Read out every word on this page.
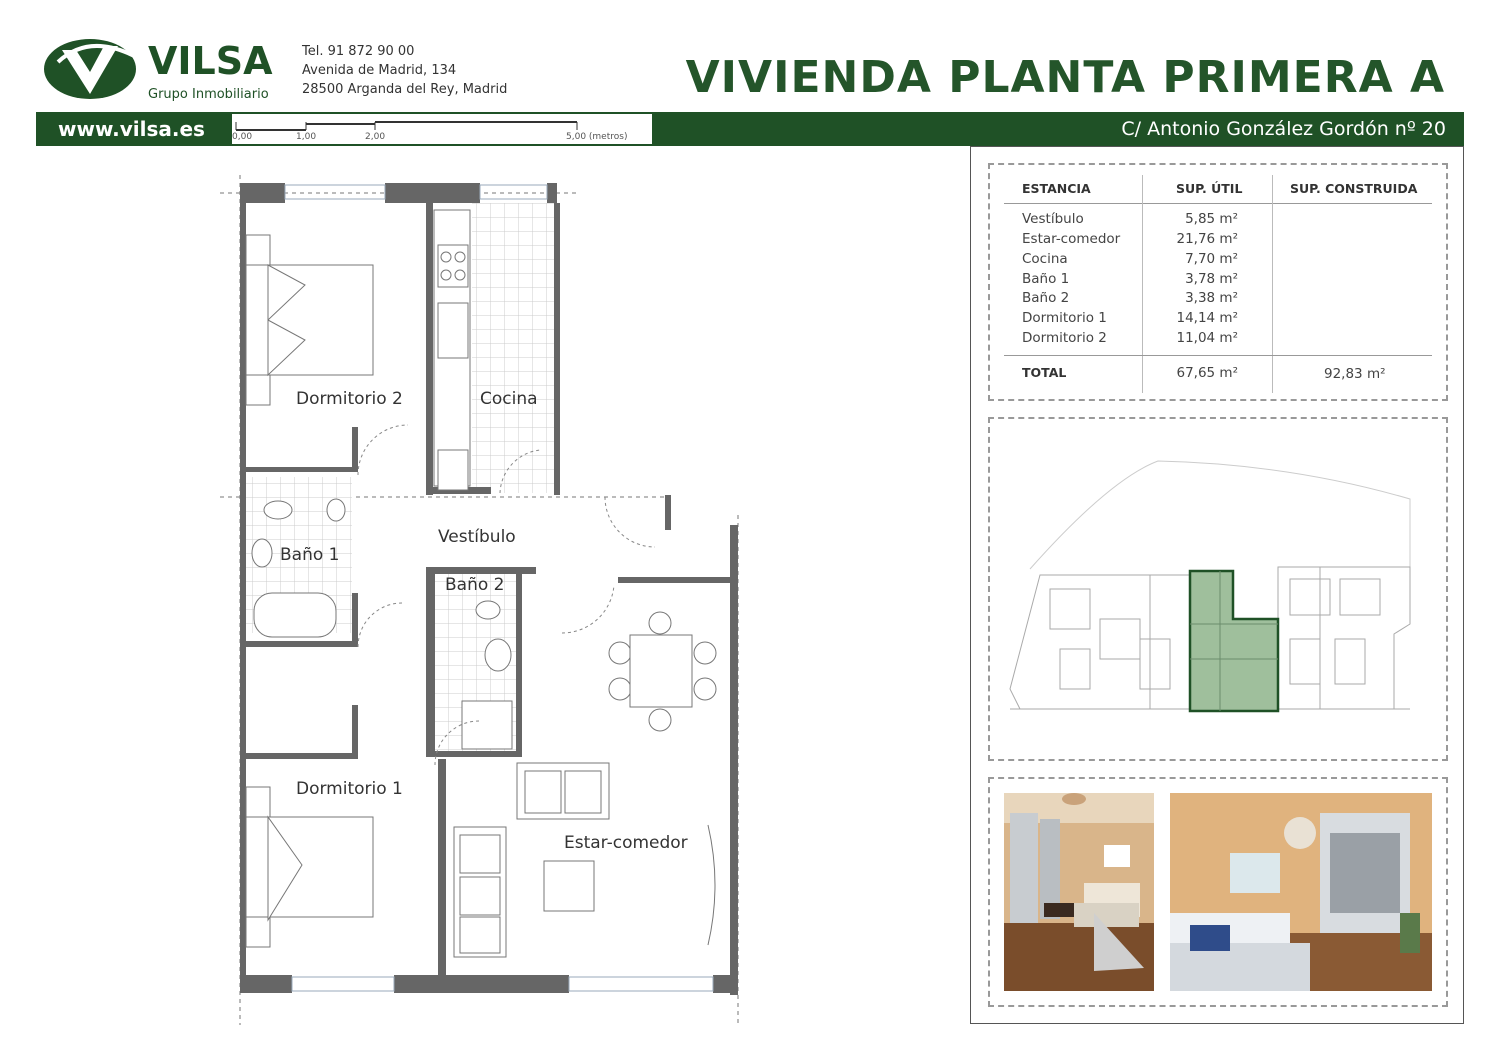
VILSA
Grupo Inmobiliario
Tel. 91 872 90 00
Avenida de Madrid, 134
28500 Arganda del Rey, Madrid	VIVIENDA PLANTA PRIMERA A
www.vilsa.es	0,00	1,00	2,00	5,00 (metros)	C/ Antonio González Gordón nº 20
Dormitorio 2	Cocina
Vestíbulo
Baño 1
Baño 2
Dormitorio 1
Estar-comedor
ESTANCIA	SUP. ÚTIL	SUP. CONSTRUIDA
Vestíbulo	5,85 m²
Estar-comedor	21,76 m²
Cocina	7,70 m²
Baño 1	3,78 m²
Baño 2	3,38 m²
Dormitorio 1	14,14 m²
Dormitorio 2	11,04 m²
TOTAL	67,65 m²	92,83 m²
